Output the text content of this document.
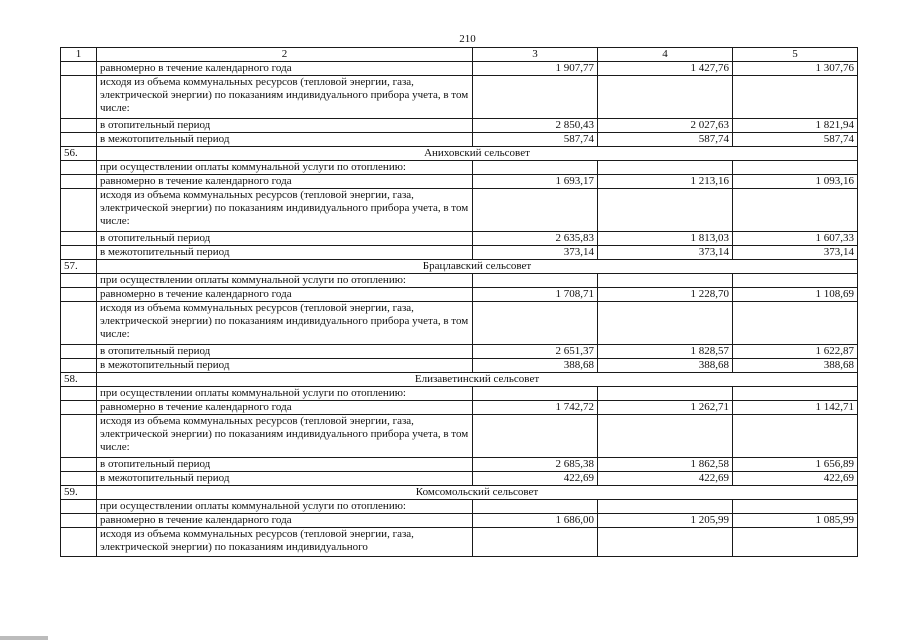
210
1	2	3	4	5
	равномерно в течение календарного года	1 907,77	1 427,76	1 307,76
	исходя из объема коммунальных ресурсов (тепловой энергии, газа, электрической энергии) по показаниям индивидуального прибора учета, в том числе:			
	в отопительный период	2 850,43	2 027,63	1 821,94
	в межотопительный период	587,74	587,74	587,74
56.	Аниховский сельсовет			
	при осуществлении оплаты коммунальной услуги по отоплению:			
	равномерно в течение календарного года	1 693,17	1 213,16	1 093,16
	исходя из объема коммунальных ресурсов (тепловой энергии, газа, электрической энергии) по показаниям индивидуального прибора учета, в том числе:			
	в отопительный период	2 635,83	1 813,03	1 607,33
	в межотопительный период	373,14	373,14	373,14
57.	Брацлавский сельсовет			
	при осуществлении оплаты коммунальной услуги по отоплению:			
	равномерно в течение календарного года	1 708,71	1 228,70	1 108,69
	исходя из объема коммунальных ресурсов (тепловой энергии, газа, электрической энергии) по показаниям индивидуального прибора учета, в том числе:			
	в отопительный период	2 651,37	1 828,57	1 622,87
	в межотопительный период	388,68	388,68	388,68
58.	Елизаветинский сельсовет			
	при осуществлении оплаты коммунальной услуги по отоплению:			
	равномерно в течение календарного года	1 742,72	1 262,71	1 142,71
	исходя из объема коммунальных ресурсов (тепловой энергии, газа, электрической энергии) по показаниям индивидуального прибора учета, в том числе:			
	в отопительный период	2 685,38	1 862,58	1 656,89
	в межотопительный период	422,69	422,69	422,69
59.	Комсомольский сельсовет			
	при осуществлении оплаты коммунальной услуги по отоплению:			
	равномерно в течение календарного года	1 686,00	1 205,99	1 085,99
	исходя из объема коммунальных ресурсов (тепловой энергии, газа, электрической энергии) по показаниям индивидуального			
